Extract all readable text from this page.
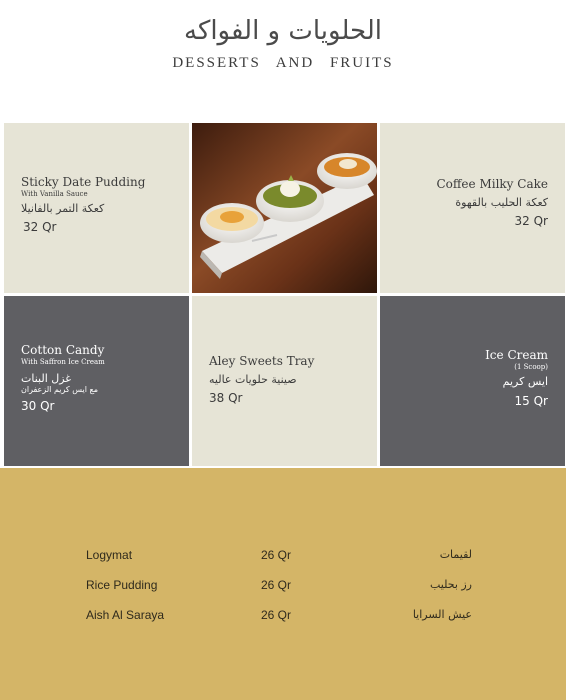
الحلويات و الفواكه
DESSERTS AND FRUITS
Sticky Date Pudding
With Vanilla Sauce
كعكة التمر بالفانيلا
32 Qr
Coffee Milky Cake
كعكة الحليب بالقهوة
32 Qr
Cotton Candy
With Saffron Ice Cream
غزل البنات
مع ايس كريم الزعفران
30 Qr
Aley Sweets Tray
صينية حلويات عاليه
38 Qr
Ice Cream
(1 Scoop)
ايس كريم
15 Qr
Logymat	26 Qr	لقيمات
Rice Pudding	26 Qr	رز بحليب
Aish Al Saraya	26 Qr	عيش السرايا
